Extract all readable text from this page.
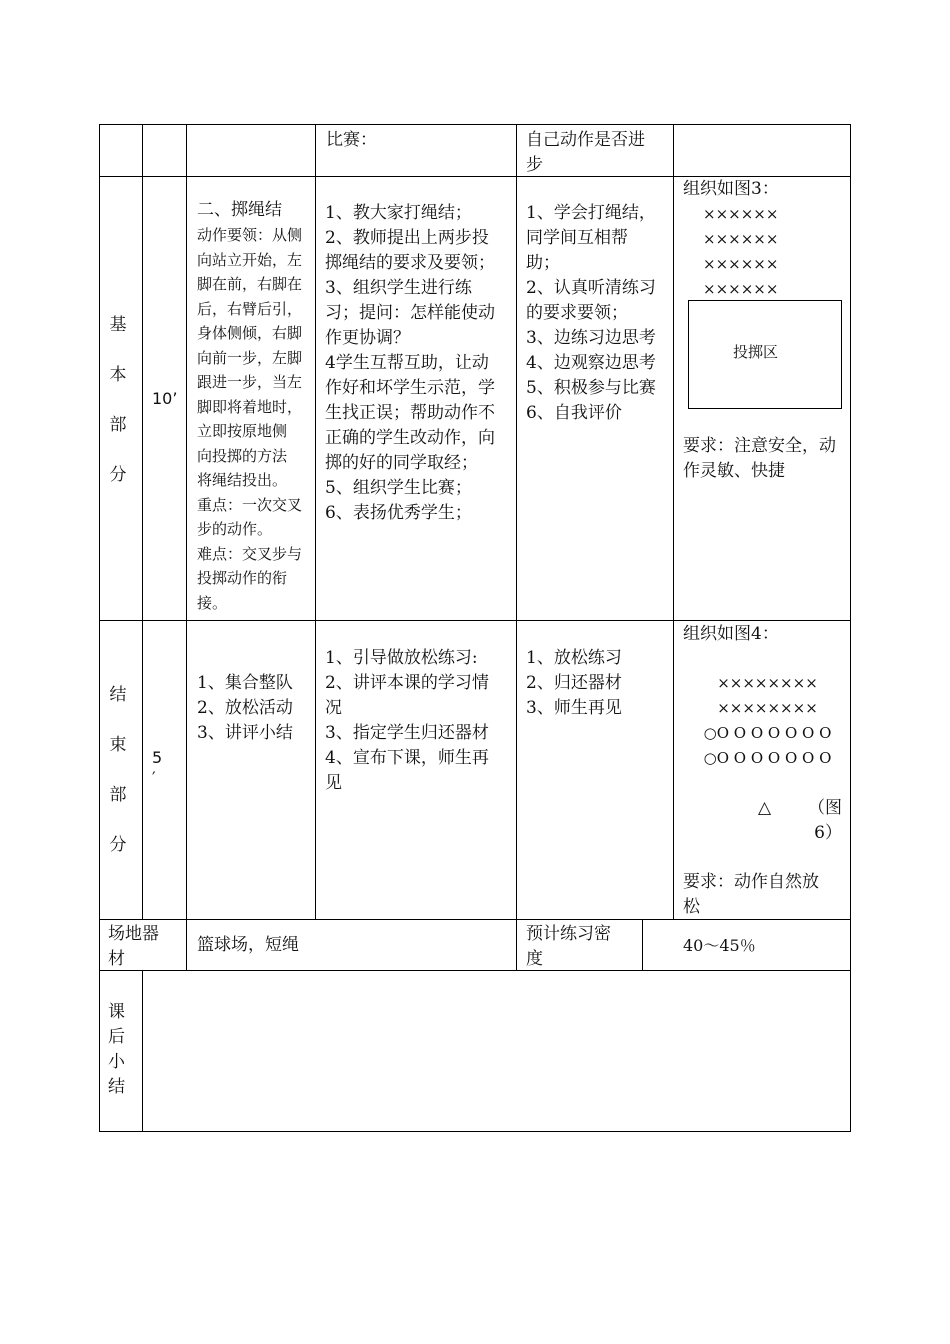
比赛：	自己动作是否进
步
基
本
部
分
10’
二、掷绳结
动作要领：从侧
向站立开始，左
脚在前，右脚在
后，右臂后引，
身体侧倾，右脚
向前一步，左脚
跟进一步，当左
脚即将着地时，
立即按原地侧
向投掷的方法
将绳结投出。
重点：一次交叉
步的动作。
难点：交叉步与
投掷动作的衔
接。
1、教大家打绳结；
2、教师提出上两步投
掷绳结的要求及要领；
3、组织学生进行练
习；提问：怎样能使动
作更协调？
4学生互帮互助，让动
作好和坏学生示范，学
生找正误；帮助动作不
正确的学生改动作，向
掷的好的同学取经；
5、组织学生比赛；
6、表扬优秀学生；
1、学会打绳结，
同学间互相帮
助；
2、认真听清练习
的要求要领；
3、边练习边思考
4、边观察边思考
5、积极参与比赛
6、自我评价
组织如图3：
××××××
××××××
××××××
××××××
投掷区
要求：注意安全，动
作灵敏、快捷
结
束
部
分
5
′
1、集合整队
2、放松活动
3、讲评小结
1、引导做放松练习:
2、讲评本课的学习情
况
3、指定学生归还器材
4、宣布下课，师生再
见
1、放松练习
2、归还器材
3、师生再见
组织如图4：
××××××××
××××××××
○O O O O O O O
○O O O O O O O
△ （图
6）
要求：动作自然放
松
场地器
材
篮球场，短绳
预计练习密
度
40～45％
课
后
小
结
